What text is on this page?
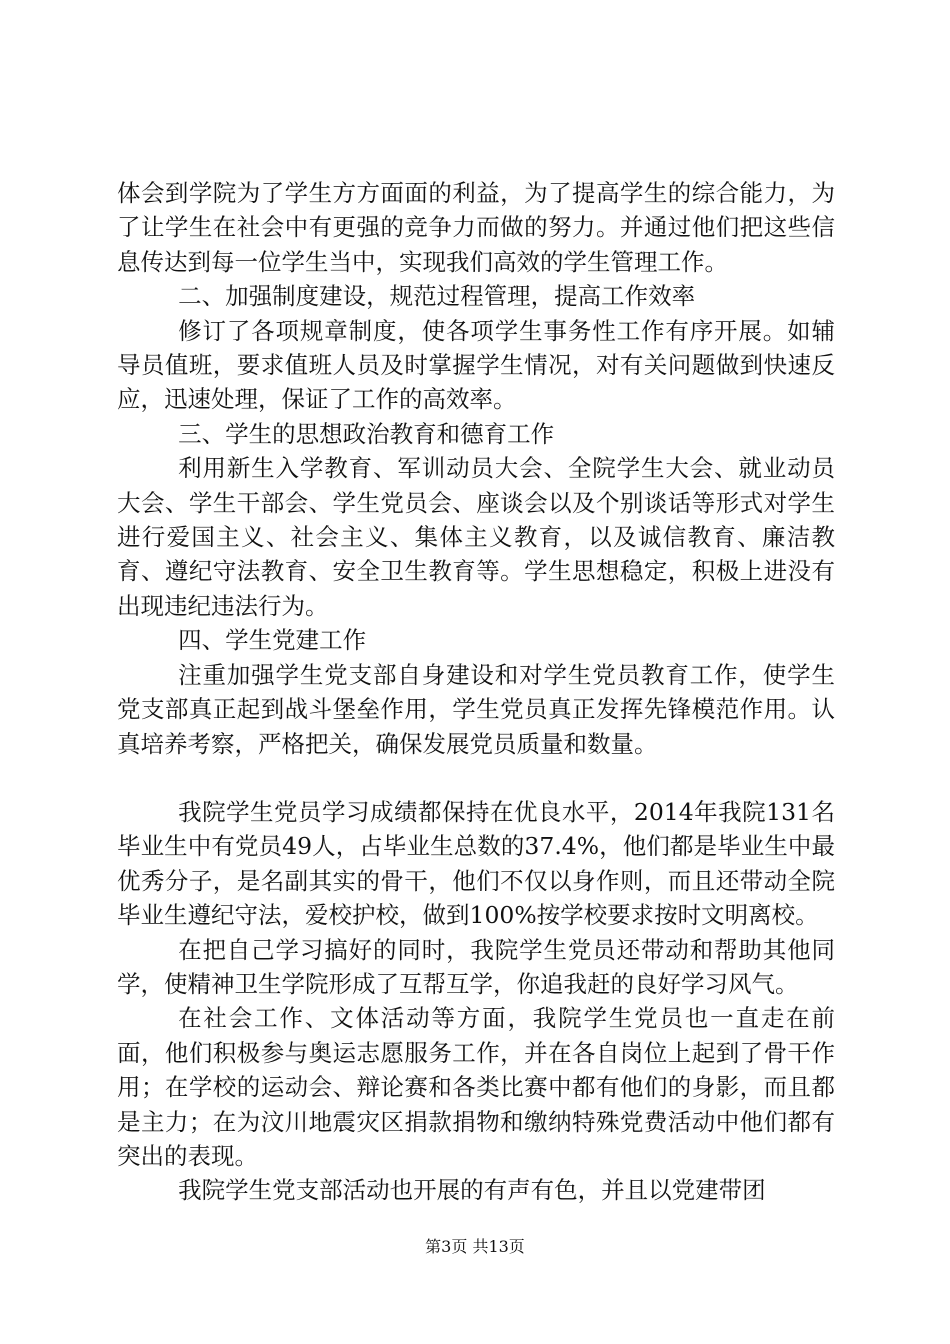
体会到学院为了学生方方面面的利益，为了提高学生的综合能力，为了让学生在社会中有更强的竞争力而做的努力。并通过他们把这些信息传达到每一位学生当中，实现我们高效的学生管理工作。

二、加强制度建设，规范过程管理，提高工作效率

修订了各项规章制度，使各项学生事务性工作有序开展。如辅导员值班，要求值班人员及时掌握学生情况，对有关问题做到快速反应，迅速处理，保证了工作的高效率。

三、学生的思想政治教育和德育工作

利用新生入学教育、军训动员大会、全院学生大会、就业动员大会、学生干部会、学生党员会、座谈会以及个别谈话等形式对学生进行爱国主义、社会主义、集体主义教育，以及诚信教育、廉洁教育、遵纪守法教育、安全卫生教育等。学生思想稳定，积极上进没有出现违纪违法行为。

四、学生党建工作

注重加强学生党支部自身建设和对学生党员教育工作，使学生党支部真正起到战斗堡垒作用，学生党员真正发挥先锋模范作用。认真培养考察，严格把关，确保发展党员质量和数量。

我院学生党员学习成绩都保持在优良水平，2014年我院131名毕业生中有党员49人，占毕业生总数的37.4%，他们都是毕业生中最优秀分子，是名副其实的骨干，他们不仅以身作则，而且还带动全院毕业生遵纪守法，爱校护校，做到100%按学校要求按时文明离校。

在把自己学习搞好的同时，我院学生党员还带动和帮助其他同学，使精神卫生学院形成了互帮互学，你追我赶的良好学习风气。

在社会工作、文体活动等方面，我院学生党员也一直走在前面，他们积极参与奥运志愿服务工作，并在各自岗位上起到了骨干作用；在学校的运动会、辩论赛和各类比赛中都有他们的身影，而且都是主力；在为汶川地震灾区捐款捐物和缴纳特殊党费活动中他们都有突出的表现。

我院学生党支部活动也开展的有声有色，并且以党建带团

第3页 共13页
